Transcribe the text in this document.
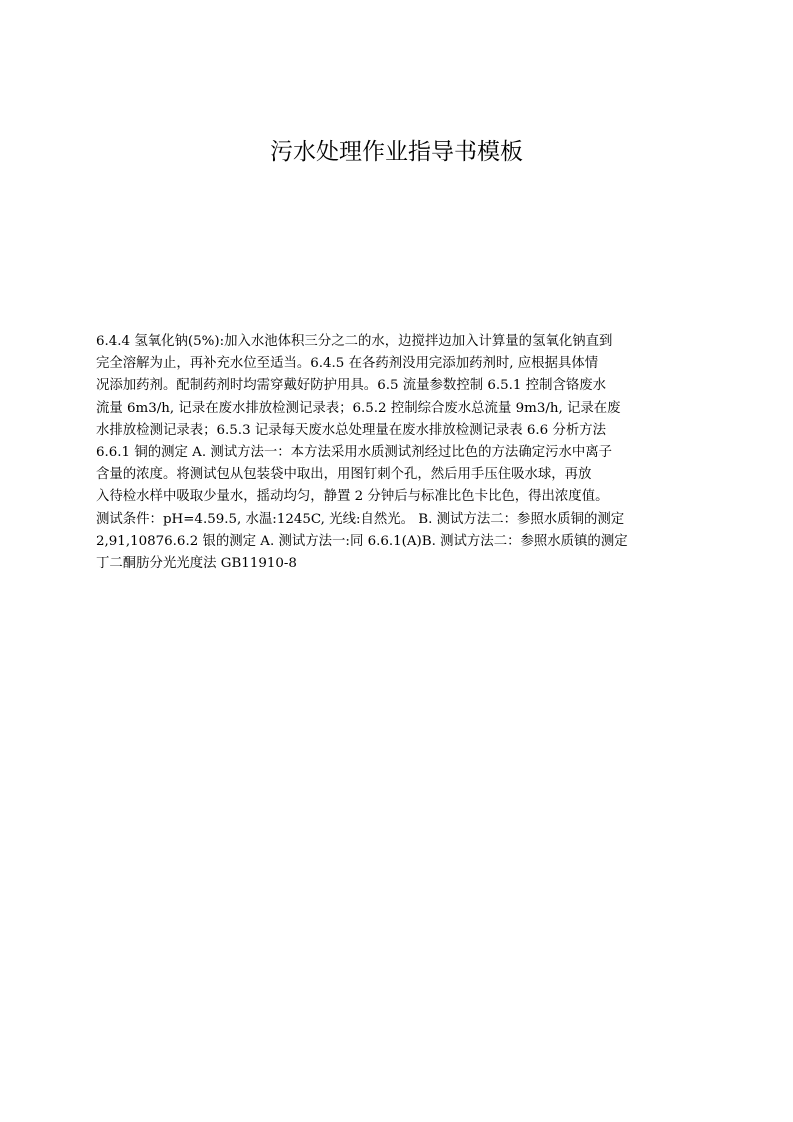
污水处理作业指导书模板
6.4.4 氢氧化钠(5%):加入水池体积三分之二的水，边搅拌边加入计算量的氢氧化钠直到
完全溶解为止，再补充水位至适当。6.4.5 在各药剂没用完添加药剂时, 应根据具体情
况添加药剂。配制药剂时均需穿戴好防护用具。6.5 流量参数控制 6.5.1 控制含铬废水
流量 6m3/h, 记录在废水排放检测记录表；6.5.2 控制综合废水总流量 9m3/h, 记录在废
水排放检测记录表；6.5.3 记录每天废水总处理量在废水排放检测记录表 6.6 分析方法
6.6.1 铜的测定 A. 测试方法一：本方法采用水质测试剂经过比色的方法确定污水中离子
含量的浓度。将测试包从包装袋中取出，用图钉刺个孔，然后用手压住吸水球，再放
入待检水样中吸取少量水，摇动均匀，静置 2 分钟后与标准比色卡比色，得出浓度值。
测试条件：pH=4.59.5, 水温:1245C, 光线:自然光。 B. 测试方法二：参照水质铜的测定
2,91,10876.6.2 银的测定 A. 测试方法一:同 6.6.1(A)B. 测试方法二：参照水质镇的测定
丁二酮肪分光光度法 GB11910-8
